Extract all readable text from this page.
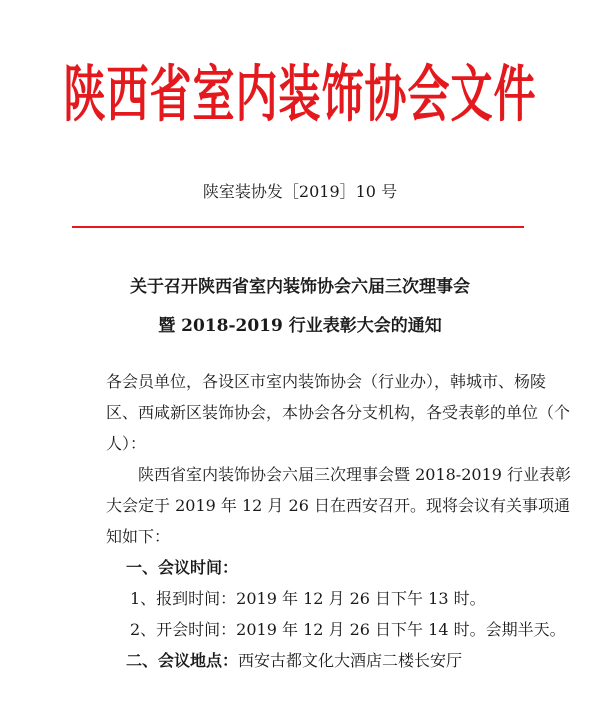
陕西省室内装饰协会文件
陕室装协发［2019］10 号
关于召开陕西省室内装饰协会六届三次理事会
暨 2018-2019 行业表彰大会的通知
各会员单位，各设区市室内装饰协会（行业办），韩城市、杨陵
区、西咸新区装饰协会，本协会各分支机构，各受表彰的单位（个
人）：
陕西省室内装饰协会六届三次理事会暨 2018-2019 行业表彰
大会定于 2019 年 12 月 26 日在西安召开。现将会议有关事项通
知如下：
一、会议时间：
1、报到时间：2019 年 12 月 26 日下午 13 时。
2、开会时间：2019 年 12 月 26 日下午 14 时。会期半天。
二、会议地点：西安古都文化大酒店二楼长安厅
